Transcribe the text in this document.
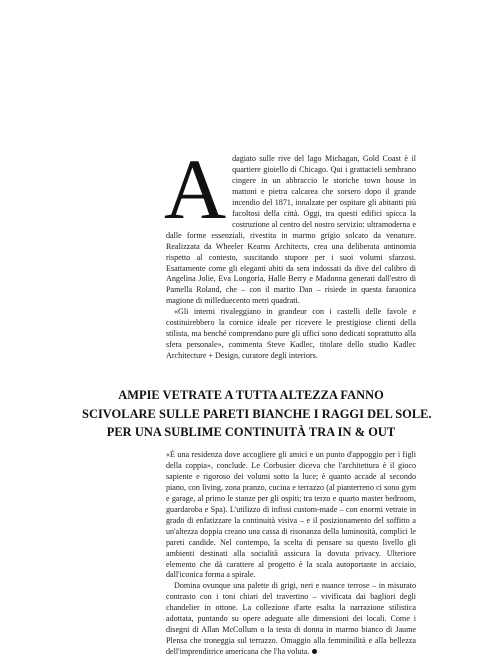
Adagiato sulle rive del lago Michagan, Gold Coast è il quartiere gioiello di Chicago. Qui i grattacieli sembrano cingere in un abbraccio le storiche town house in mattoni e pietra calcarea che sorsero dopo il grande incendio del 1871, innalzate per ospitare gli abitanti più facoltosi della città. Oggi, tra questi edifici spicca la costruzione al centro del nostro servizio: ultramoderna e dalle forme essenziali, rivestita in marmo grigio solcato da venature. Realizzata da Wheeler Kearns Architects, crea una deliberata antinomia rispetto al contesto, suscitando stupore per i suoi volumi sfarzosi. Esattamente come gli eleganti abiti da sera indossati da dive del calibro di Angelina Jolie, Eva Longoria, Halle Berry e Madonna generati dall'estro di Pamella Roland, che – con il marito Dan – risiede in questa faraonica magione di milleduecento metri quadrati.

«Gli interni rivaleggiano in grandeur con i castelli delle favole e costituirebbero la cornice ideale per ricevere le prestigiose clienti della stilista, ma benché comprendano pure gli uffici sono dedicati soprattutto alla sfera personale», commenta Steve Kadlec, titolare dello studio Kadlec Architecture + Design, curatore degli interiors.

AMPIE VETRATE A TUTTA ALTEZZA FANNO
SCIVOLARE SULLE PARETI BIANCHE I RAGGI DEL SOLE.
PER UNA SUBLIME CONTINUITÀ TRA IN & OUT

«È una residenza dove accogliere gli amici e un punto d'appoggio per i figli della coppia», conclude. Le Corbusier diceva che l'architettura è il gioco sapiente e rigoroso dei volumi sotto la luce; è quanto accade al secondo piano, con living, zona pranzo, cucina e terrazzo (al pianterreno ci sono gym e garage, al primo le stanze per gli ospiti; tra terzo e quarto master bedroom, guardaroba e Spa). L'utilizzo di infissi custom-made – con enormi vetrate in grado di enfatizzare la continuità visiva – e il posizionamento del soffitto a un'altezza doppia creano una cassa di risonanza della luminosità, complici le pareti candide. Nel contempo, la scelta di pensare su questo livello gli ambienti destinati alla socialità assicura la dovuta privacy. Ulteriore elemento che dà carattere al progetto è la scala autoportante in acciaio, dall'iconica forma a spirale.

Domina ovunque una palette di grigi, neri e nuance terrose – in misurato contrasto con i toni chiari del travertino – vivificata dai bagliori degli chandelier in ottone. La collezione d'arte esalta la narrazione stilistica adottata, puntando su opere adeguate alle dimensioni dei locali. Come i disegni di Allan McCollum o la testa di donna in marmo bianco di Jaume Plensa che troneggia sul terrazzo. Omaggio alla femminilità e alla bellezza dell'imprenditrice americana che l'ha voluta.
